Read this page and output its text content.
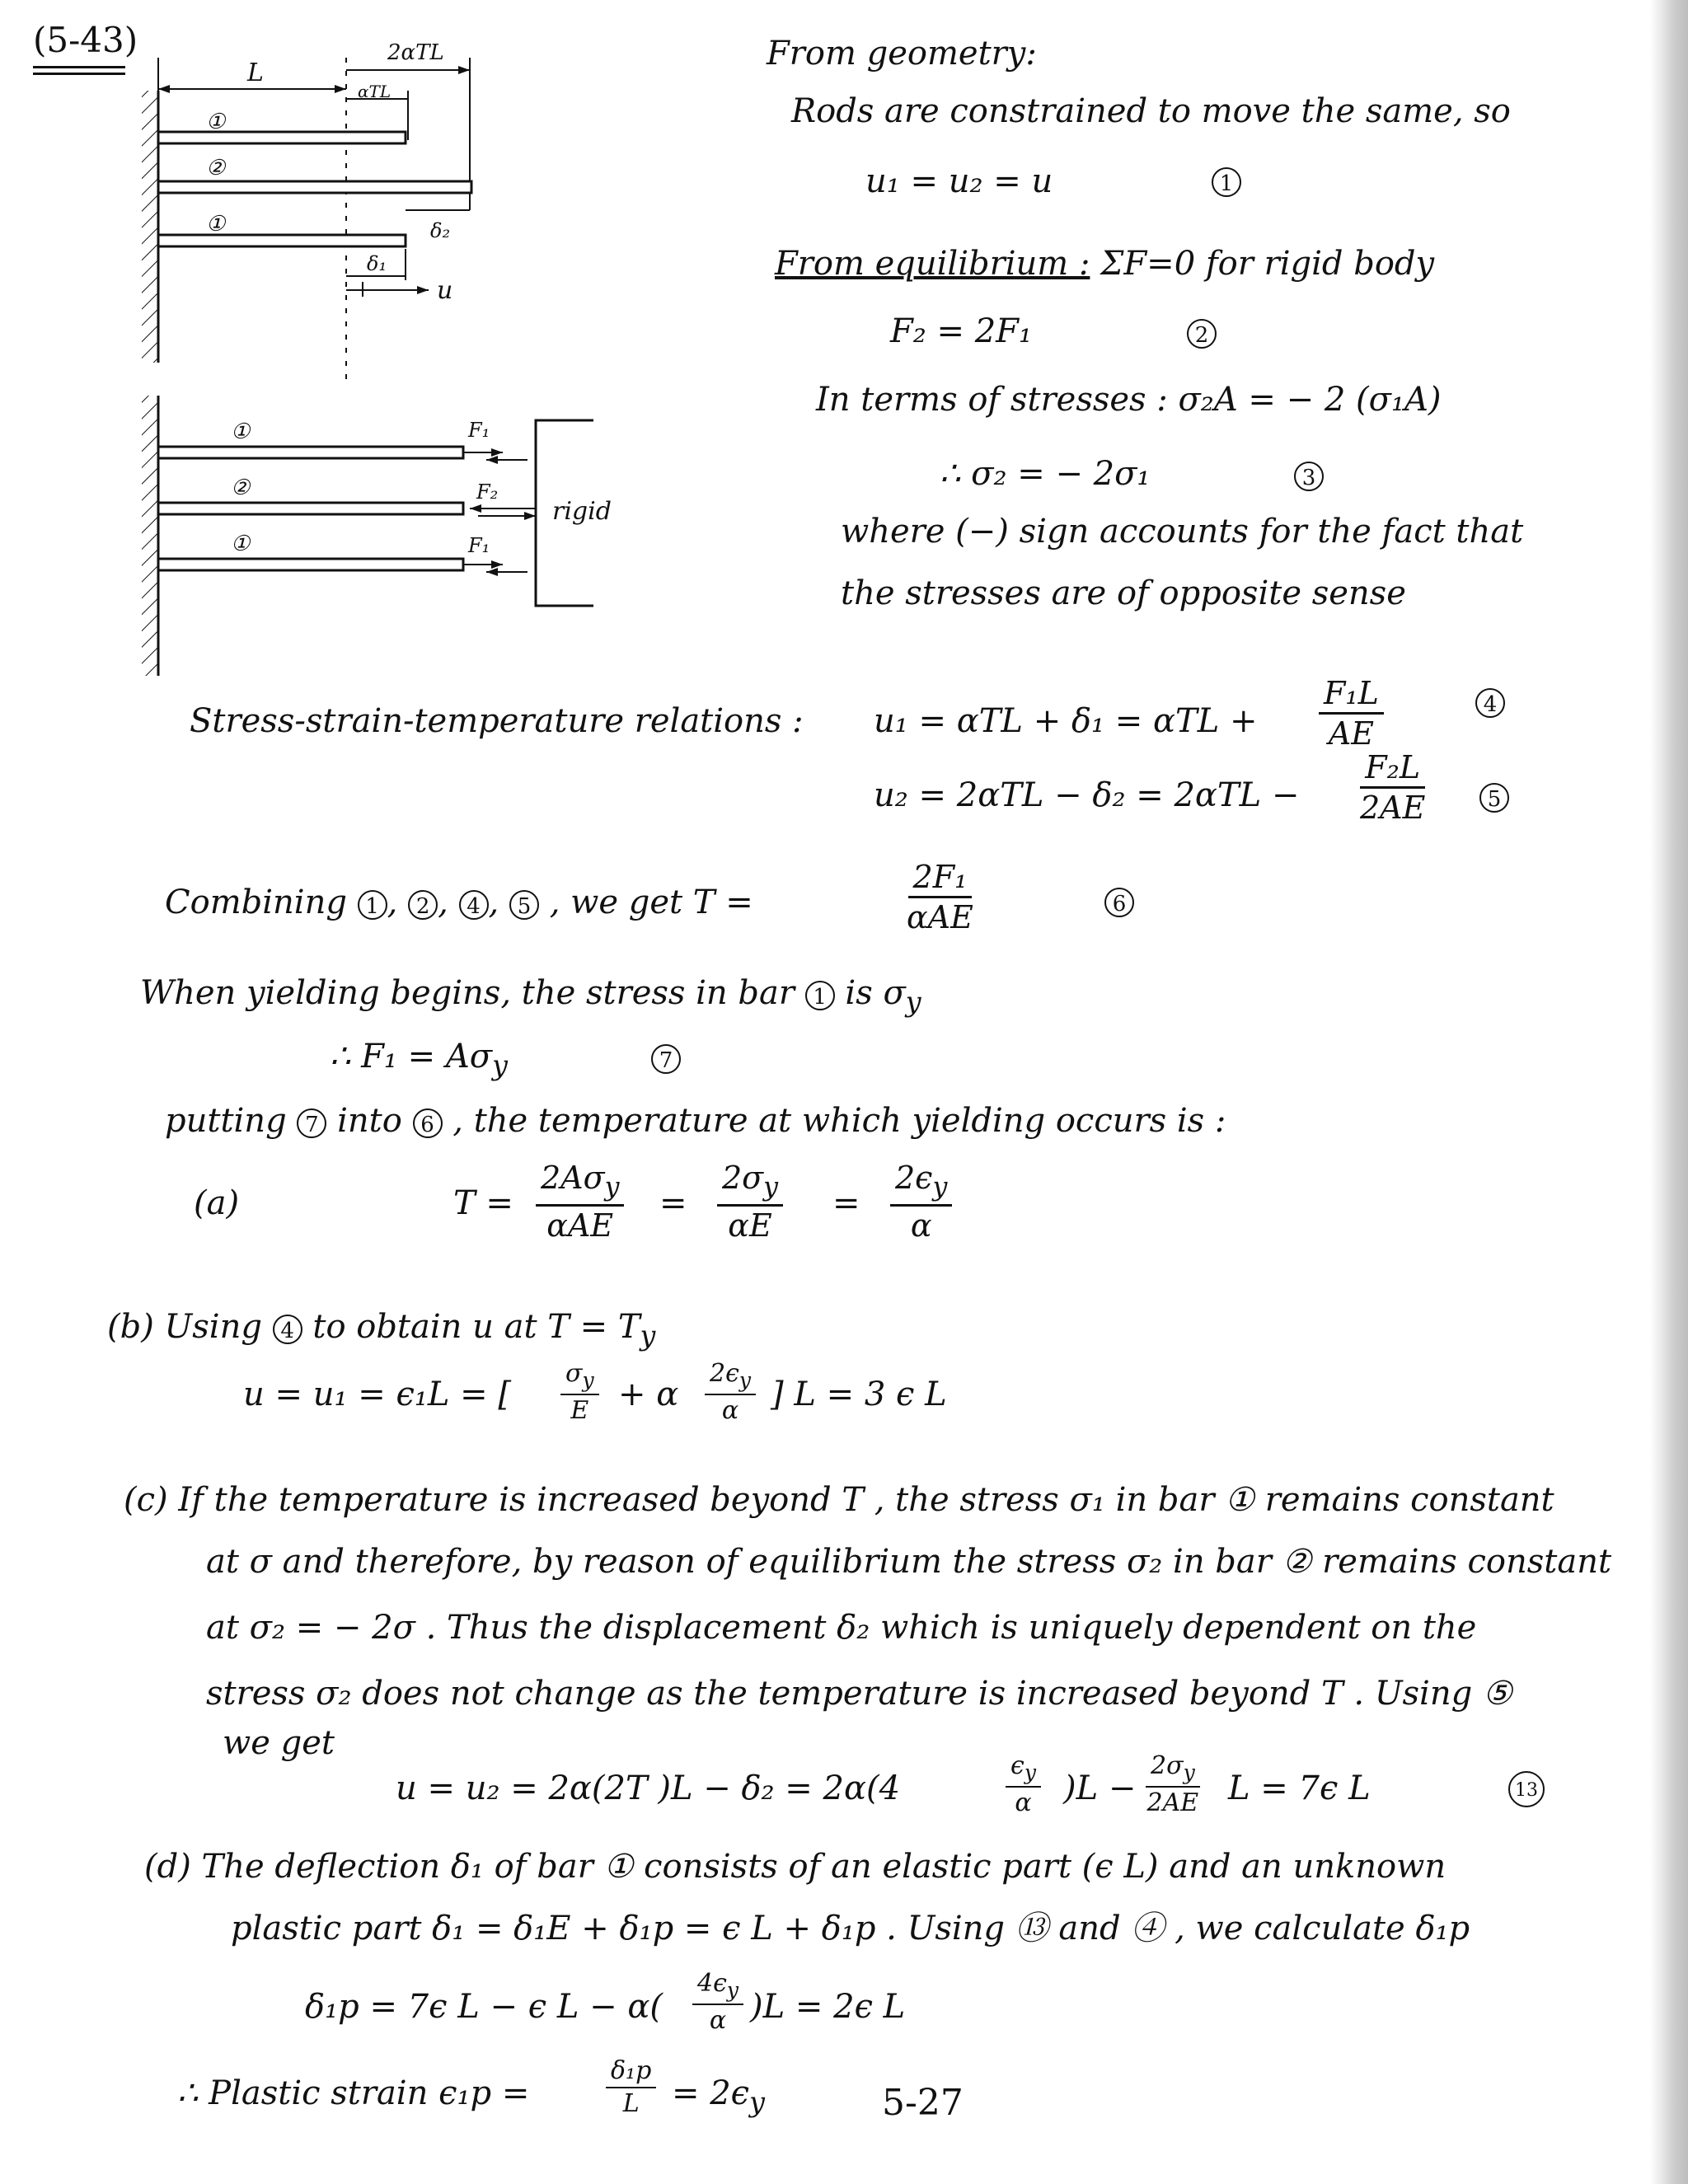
(5-43)
L
2αTL
αTL
①
②
①
δ₁
δ₂
u
①
②
①
F₁
F₂
F₁
rigid
From geometry:
Rods are constrained to move the same, so
u₁ = u₂ = u	1
From equilibrium : ΣF=0 for rigid body
F₂ = 2F₁	2
In terms of stresses : σ₂A = − 2 (σ₁A)
∴ σ₂ = − 2σ₁	3
where (−) sign accounts for the fact that
the stresses are of opposite sense
Stress-strain-temperature relations : $u_1 = \alpha TL + \delta_1 = \alpha TL + \frac{\text{F₁L}}{AE}$	4
$u_2 = 2\alpha TL - \delta_2 = 2\alpha TL - \frac{\text{F₂L}}{2AE}$	5
Combining 1 , 2 , 4 , 5 , we get T =
2F₁
αAE	6
When yielding begins, the stress in bar 1 is $\sigma_y$
∴ $F_1 = A\sigma_y$	7
putting 7 into 6 , the temperature at which yielding occurs is :
(a)	T =
$2A\sigma_y$
αAE
= $\frac{2\sigma_y}{\alpha E} = \frac{2\epsilon_y}{\alpha}$
(b) Using 4 to obtain u at $T = T_y$
u = u₁ = ϵ₁L = [ $\frac{\sigma_y}{E} + \alpha \frac{2\epsilon_y}{\alpha}$ ] L = 3 ϵ L
(c) If the temperature is increased beyond T , the stress σ₁ in bar ① remains constant
at σ and therefore, by reason of equilibrium the stress σ₂ in bar ② remains constant
at σ₂ = − 2σ . Thus the displacement δ₂ which is uniquely dependent on the
stress σ₂ does not change as the temperature is increased beyond T . Using ⑤
we get
u = u₂ = 2α(2T )L − δ₂ = 2α(4	$\frac{\epsilon_y}{\alpha} )L - \frac{2\sigma_y}{2AE}$ L = 7ϵ L	13
(d) The deflection δ₁ of bar ① consists of an elastic part (ϵ L) and an unknown
plastic part δ₁ = δ₁E + δ₁p = ϵ L + δ₁p . Using ⑬ and ④ , we calculate δ₁p
δ₁p = 7ϵ L − ϵ $L - \alpha( \frac{4\epsilon_y}{\alpha} )L = 2\epsilon$ L
∴ Plastic strain ϵ₁p =	$\frac{\text{δ₁p}}{L} = 2\epsilon_y$	5-27
